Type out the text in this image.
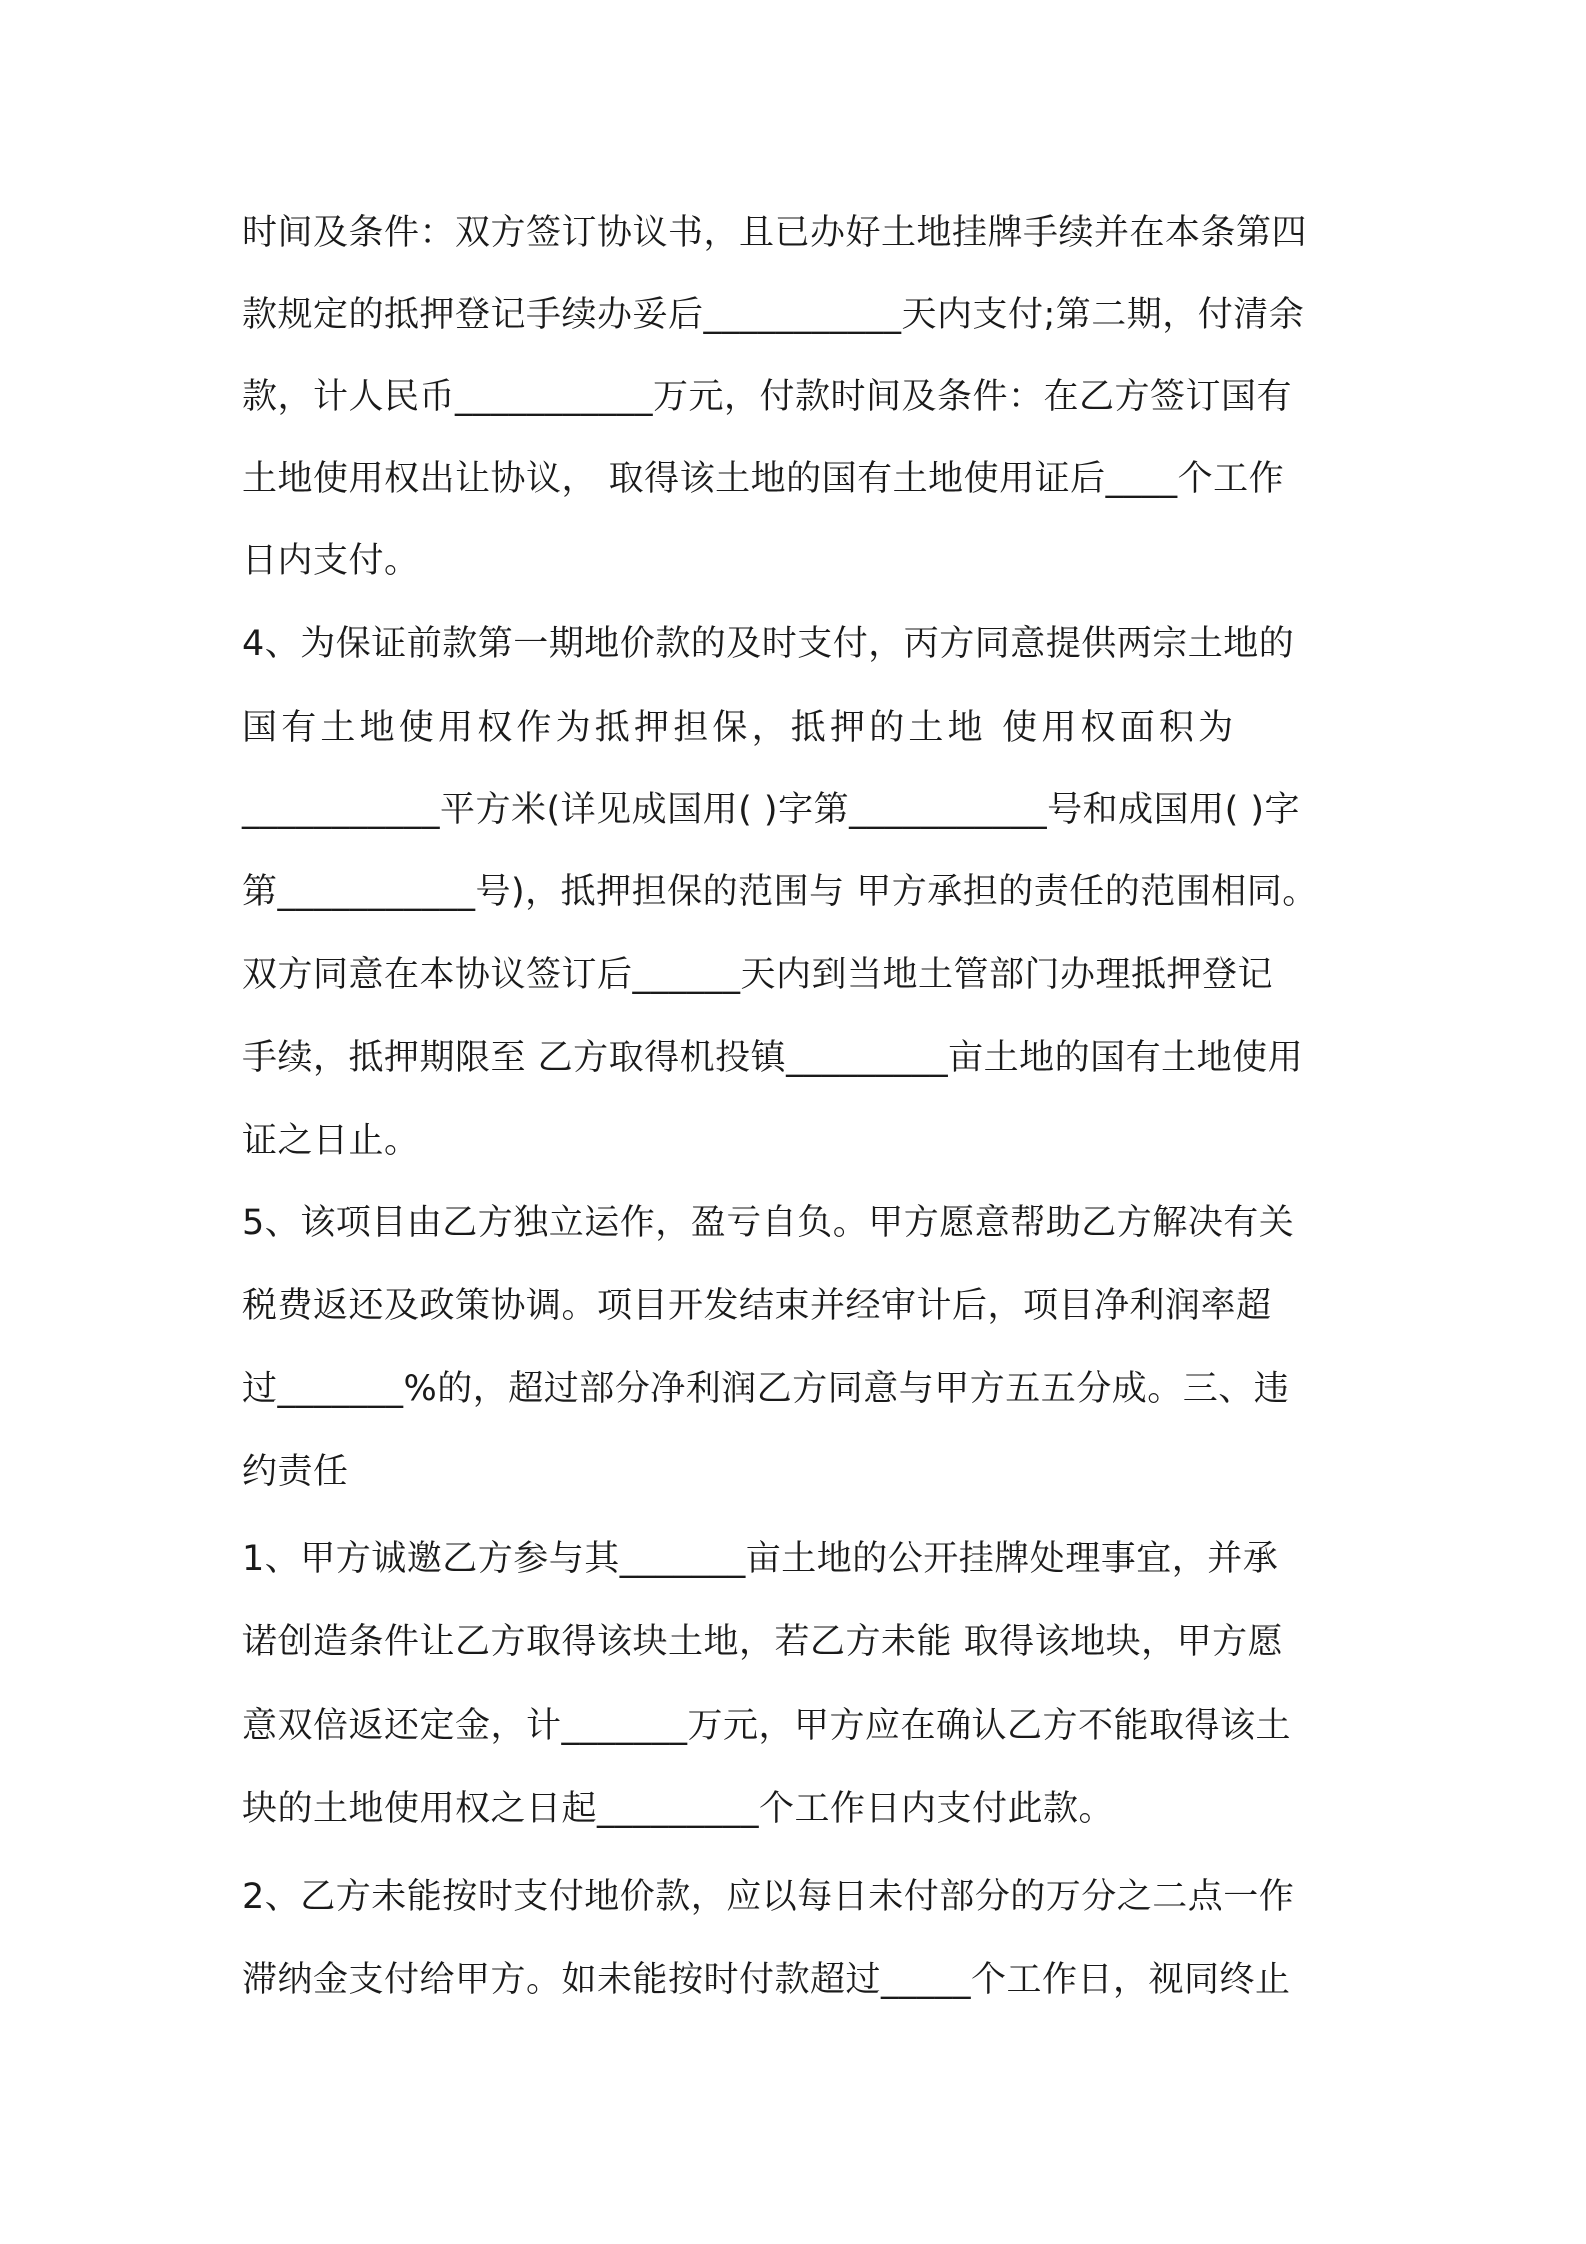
时间及条件：双方签订协议书，且已办好土地挂牌手续并在本条第四
款规定的抵押登记手续办妥后___________天内支付;第二期，付清余
款，计人民币___________万元，付款时间及条件：在乙方签订国有
土地使用权出让协议， 取得该土地的国有土地使用证后____个工作
日内支付。
4、为保证前款第一期地价款的及时支付，丙方同意提供两宗土地的
国有土地使用权作为抵押担保，抵押的土地 使用权面积为
___________平方米(详见成国用( )字第___________号和成国用( )字
第___________号)，抵押担保的范围与 甲方承担的责任的范围相同。
双方同意在本协议签订后______天内到当地土管部门办理抵押登记
手续，抵押期限至 乙方取得机投镇_________亩土地的国有土地使用
证之日止。
5、该项目由乙方独立运作，盈亏自负。甲方愿意帮助乙方解决有关
税费返还及政策协调。项目开发结束并经审计后，项目净利润率超
过_______%的，超过部分净利润乙方同意与甲方五五分成。三、违
约责任
1、甲方诚邀乙方参与其_______亩土地的公开挂牌处理事宜，并承
诺创造条件让乙方取得该块土地，若乙方未能 取得该地块，甲方愿
意双倍返还定金，计_______万元，甲方应在确认乙方不能取得该土
块的土地使用权之日起_________个工作日内支付此款。
2、乙方未能按时支付地价款，应以每日未付部分的万分之二点一作
滞纳金支付给甲方。如未能按时付款超过_____个工作日，视同终止
